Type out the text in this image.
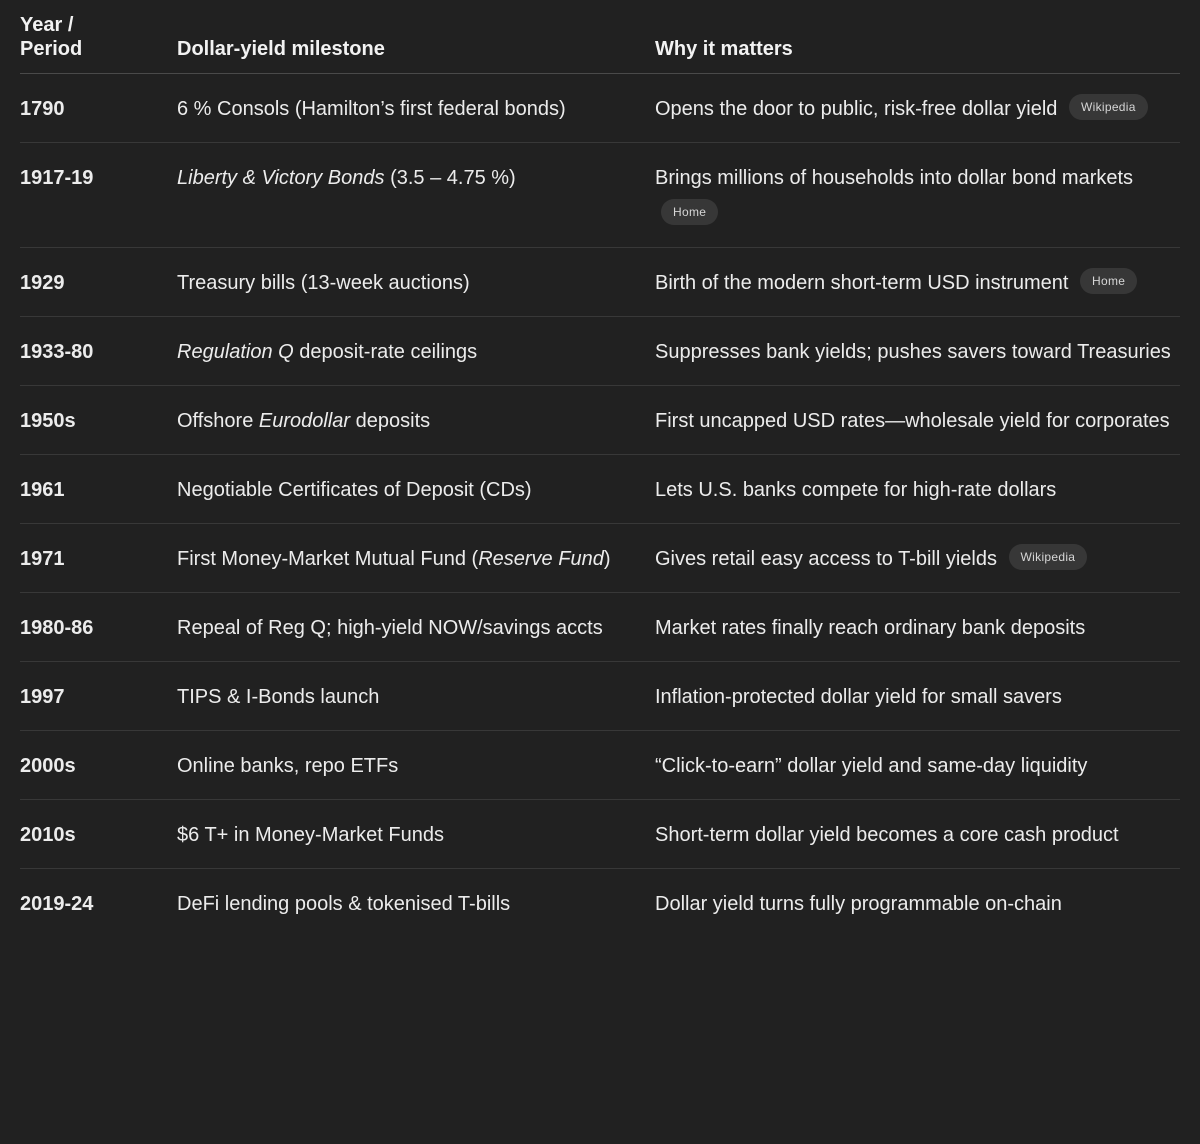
Year / Period	Dollar-yield milestone	Why it matters
1790	6 % Consols (Hamilton’s first federal bonds)	Opens the door to public, risk-free dollar yield Wikipedia
1917-19	Liberty & Victory Bonds (3.5 – 4.75 %)	Brings millions of households into dollar bond markets Home
1929	Treasury bills (13-week auctions)	Birth of the modern short-term USD instrument Home
1933-80	Regulation Q deposit-rate ceilings	Suppresses bank yields; pushes savers toward Treasuries
1950s	Offshore Eurodollar deposits	First uncapped USD rates—wholesale yield for corporates
1961	Negotiable Certificates of Deposit (CDs)	Lets U.S. banks compete for high-rate dollars
1971	First Money-Market Mutual Fund (Reserve Fund)	Gives retail easy access to T-bill yields Wikipedia
1980-86	Repeal of Reg Q; high-yield NOW/savings accts	Market rates finally reach ordinary bank deposits
1997	TIPS & I-Bonds launch	Inflation-protected dollar yield for small savers
2000s	Online banks, repo ETFs	“Click-to-earn” dollar yield and same-day liquidity
2010s	$6 T+ in Money-Market Funds	Short-term dollar yield becomes a core cash product
2019-24	DeFi lending pools & tokenised T-bills	Dollar yield turns fully programmable on-chain
